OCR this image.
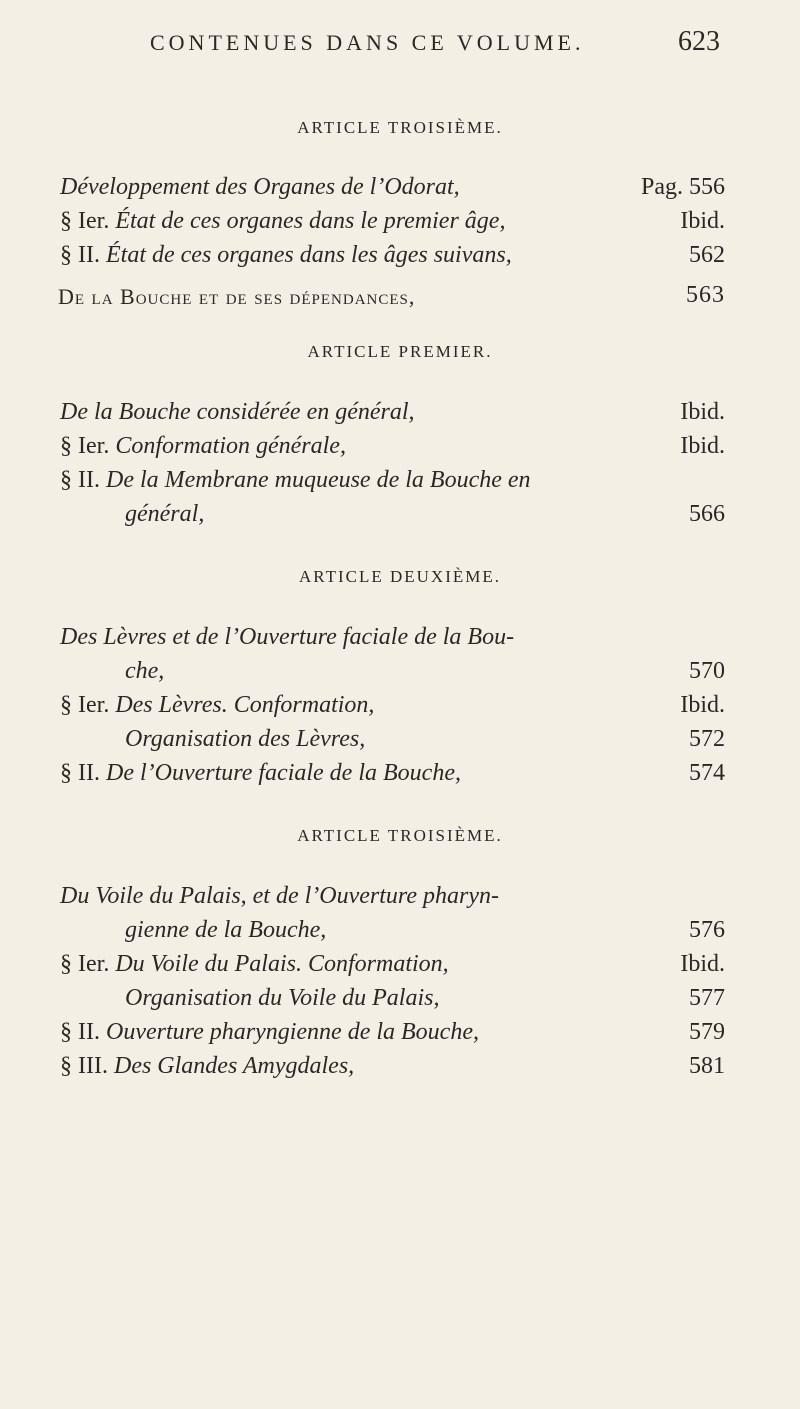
CONTENUES DANS CE VOLUME.	623
ARTICLE TROISIÈME.
Développement des Organes de l’Odorat,	Pag. 556
§ Ier. État de ces organes dans le premier âge,	Ibid.
§ II. État de ces organes dans les âges suivans,	562
De la Bouche et de ses dépendances,	563
ARTICLE PREMIER.
De la Bouche considérée en général,	Ibid.
§ Ier. Conformation générale,	Ibid.
§ II. De la Membrane muqueuse de la Bouche en
général,	566
ARTICLE DEUXIÈME.
Des Lèvres et de l’Ouverture faciale de la Bou-
che,	570
§ Ier. Des Lèvres. Conformation,	Ibid.
Organisation des Lèvres,	572
§ II. De l’Ouverture faciale de la Bouche,	574
ARTICLE TROISIÈME.
Du Voile du Palais, et de l’Ouverture pharyn-
gienne de la Bouche,	576
§ Ier. Du Voile du Palais. Conformation,	Ibid.
Organisation du Voile du Palais,	577
§ II. Ouverture pharyngienne de la Bouche,	579
§ III. Des Glandes Amygdales,	581
